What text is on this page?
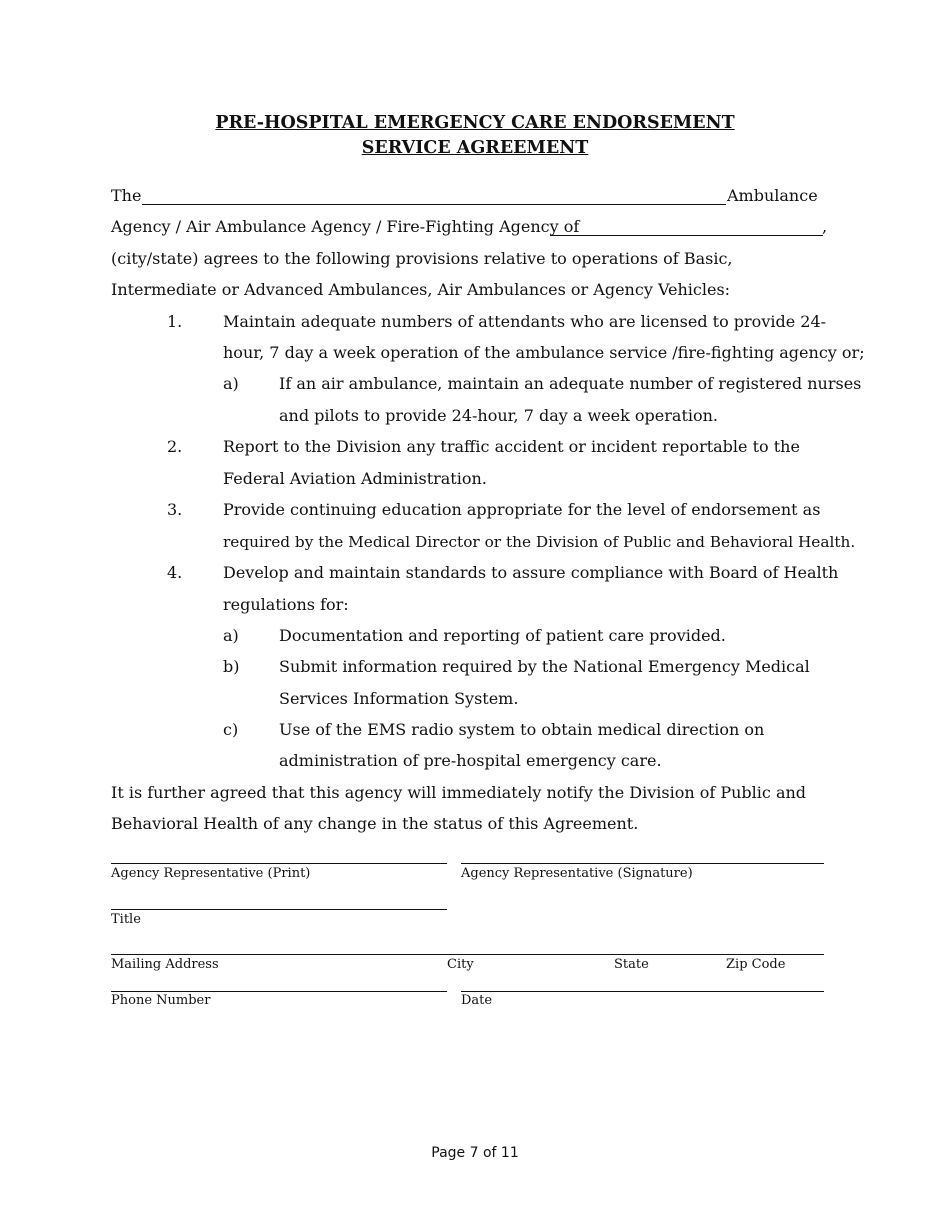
PRE-HOSPITAL EMERGENCY CARE ENDORSEMENT
SERVICE AGREEMENT
The	Ambulance
Agency / Air Ambulance Agency / Fire-Fighting Agency of	,
(city/state) agrees to the following provisions relative to operations of Basic,
Intermediate or Advanced Ambulances, Air Ambulances or Agency Vehicles:
1.	Maintain adequate numbers of attendants who are licensed to provide 24-
hour, 7 day a week operation of the ambulance service /fire-fighting agency or;
a)	If an air ambulance, maintain an adequate number of registered nurses
and pilots to provide 24-hour, 7 day a week operation.
2.	Report to the Division any traffic accident or incident reportable to the
Federal Aviation Administration.
3.	Provide continuing education appropriate for the level of endorsement as
required by the Medical Director or the Division of Public and Behavioral Health.
4.	Develop and maintain standards to assure compliance with Board of Health
regulations for:
a)	Documentation and reporting of patient care provided.
b) Submit information required by the National Emergency Medical
Services Information System.
c)	Use of the EMS radio system to obtain medical direction on
administration of pre-hospital emergency care.
It is further agreed that this agency will immediately notify the Division of Public and
Behavioral Health of any change in the status of this Agreement.
Agency Representative (Print)	Agency Representative (Signature)
Title
Mailing Address	City	State	Zip Code
Phone Number	Date
Page 7 of 11
